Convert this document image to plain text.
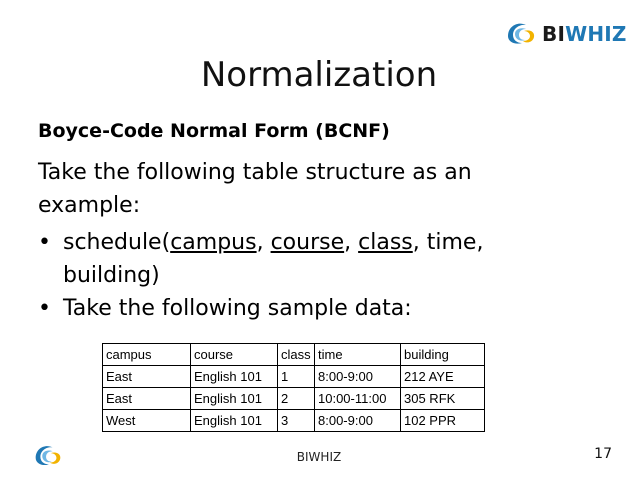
BIWHIZ
Normalization
Boyce-Code Normal Form (BCNF)
Take the following table structure as an example:
• schedule(campus, course, class, time, building)
• Take the following sample data:
campus	course	class	time	building
East	English 101	1	8:00-9:00	212 AYE
East	English 101	2	10:00-11:00	305 RFK
West	English 101	3	8:00-9:00	102 PPR
BIWHIZ	17
